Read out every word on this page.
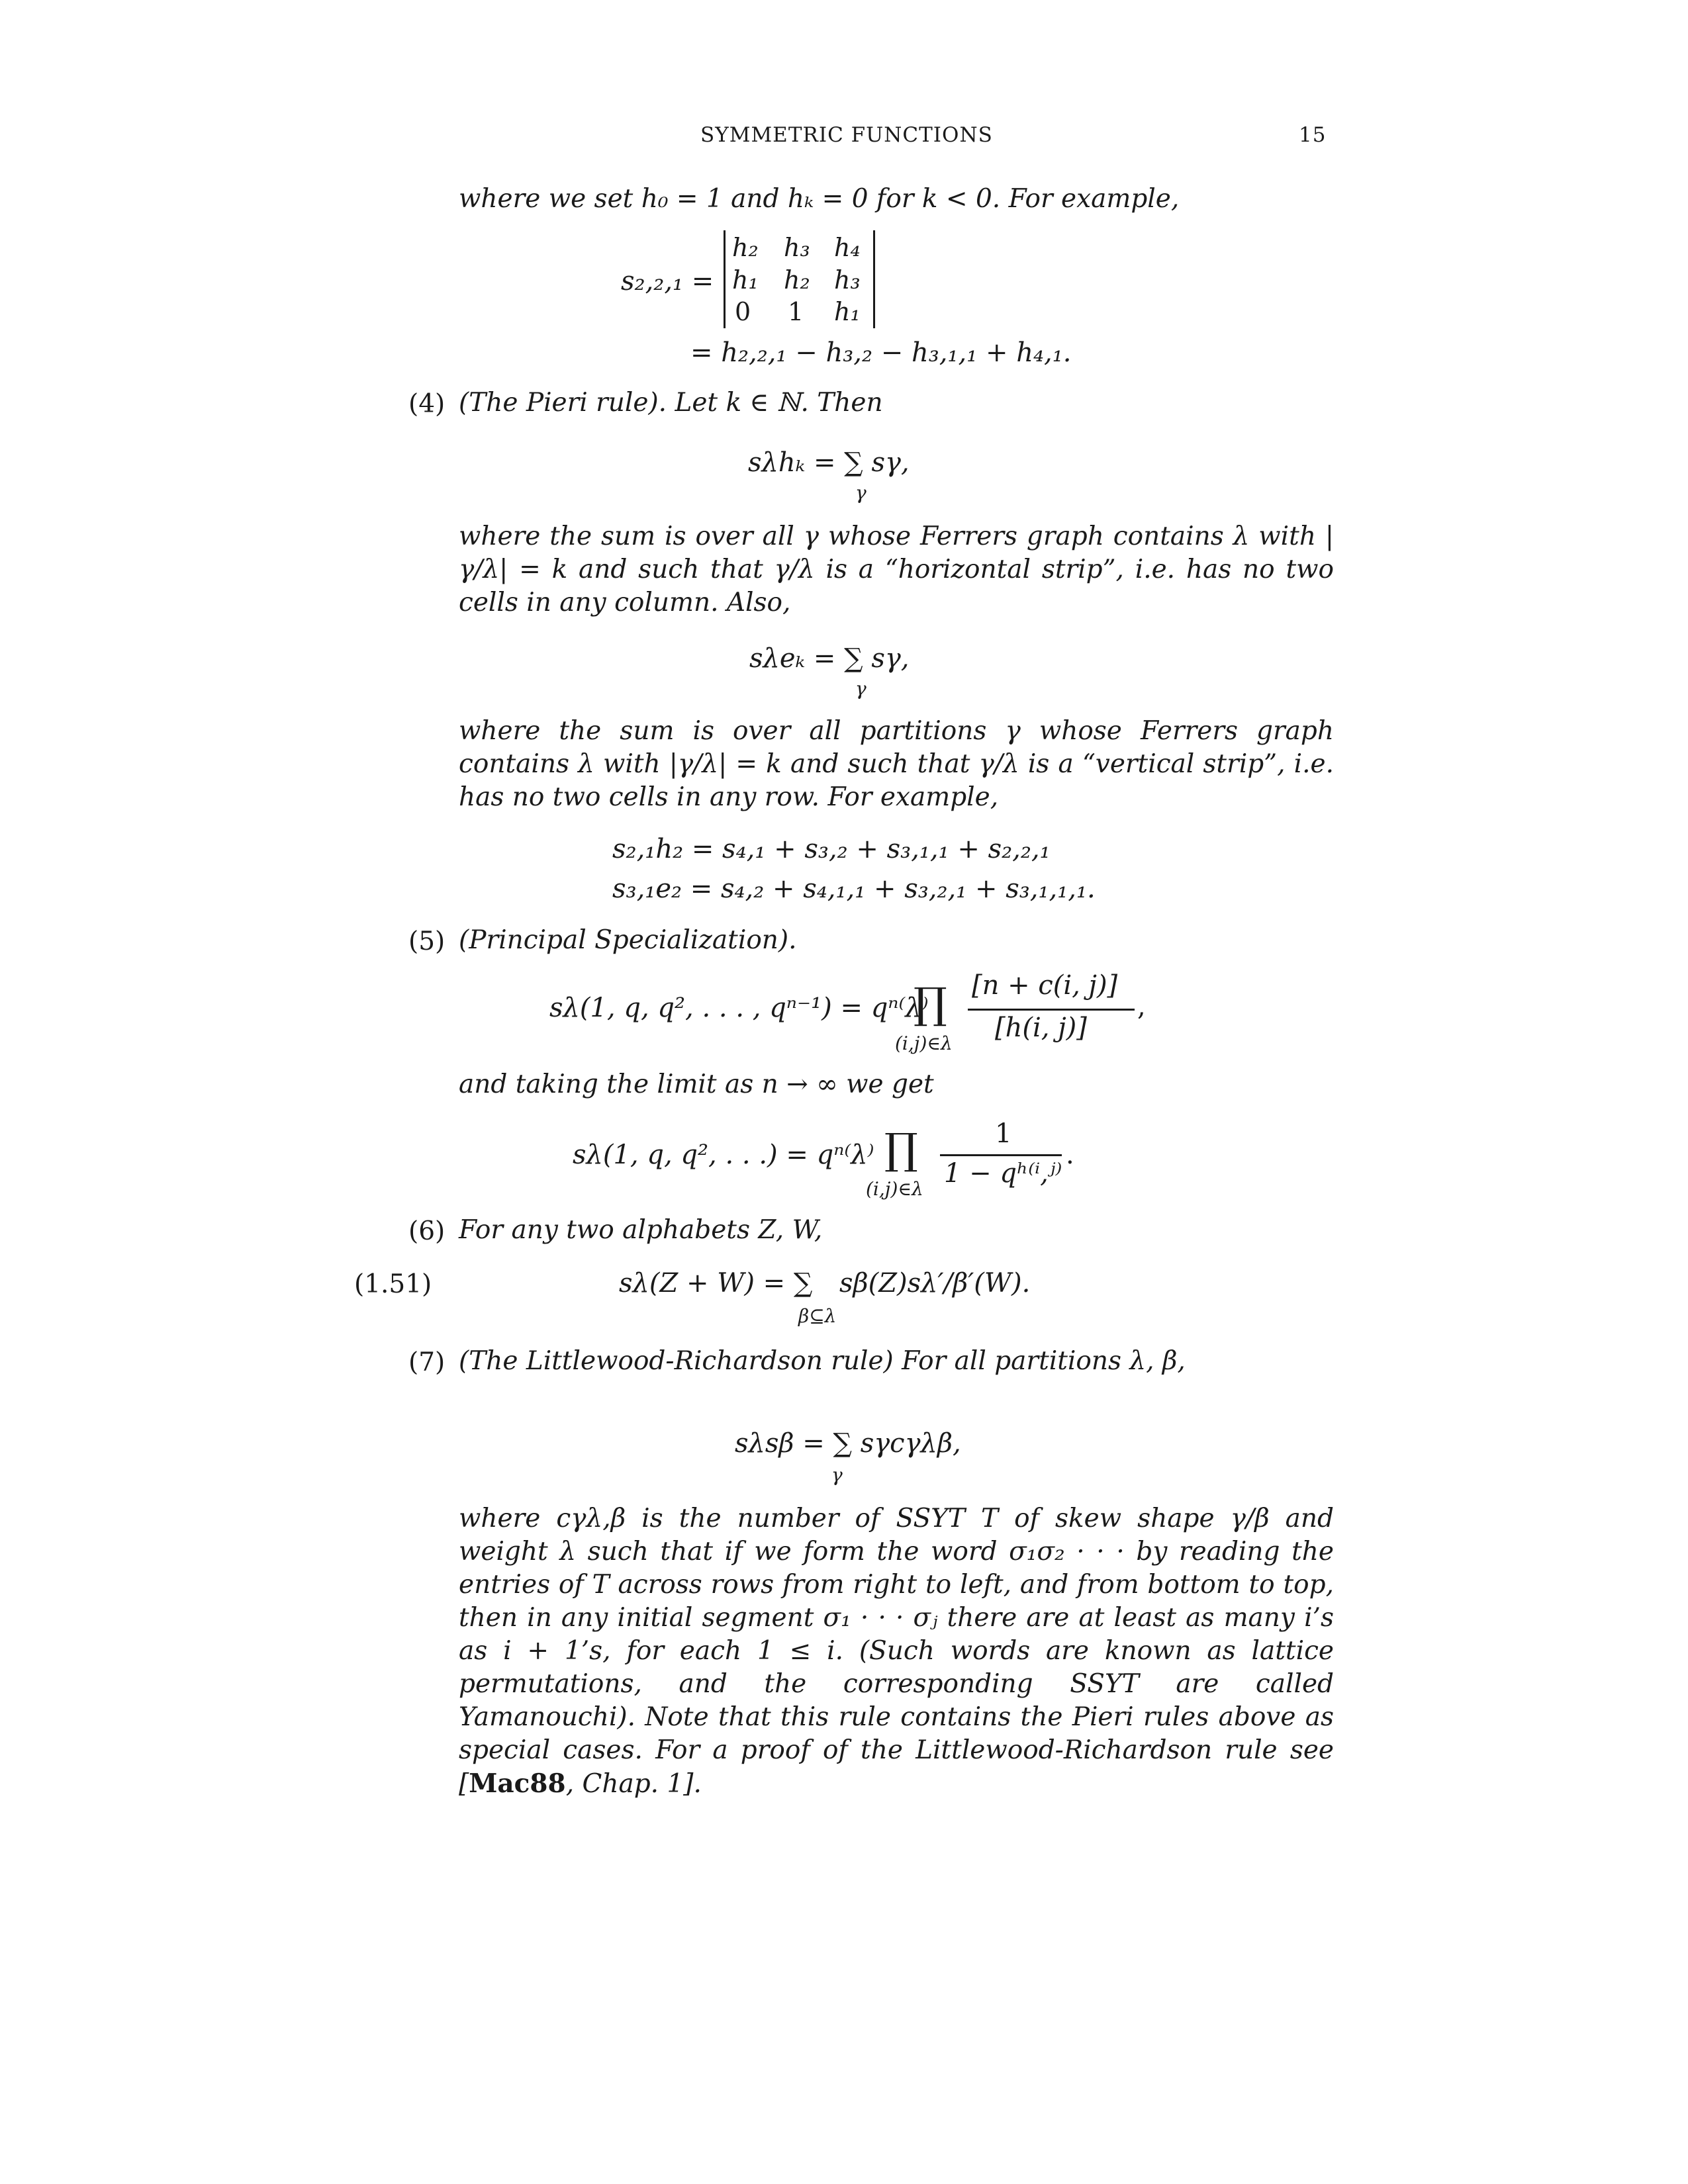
SYMMETRIC FUNCTIONS	15
where we set h₀ = 1 and hₖ = 0 for k < 0. For example,
s₂,₂,₁ =
h₂ h₃ h₄
h₁ h₂ h₃
0 1 h₁
= h₂,₂,₁ − h₃,₂ − h₃,₁,₁ + h₄,₁.
(4) (The Pieri rule). Let k ∈ ℕ. Then
sλhₖ = ∑ sγ,
γ
where the sum is over all γ whose Ferrers graph contains λ with |γ/λ| = k and such that γ/λ is a “horizontal strip”, i.e. has no two cells in any column. Also,
sλeₖ = ∑ sγ,
γ
where the sum is over all partitions γ whose Ferrers graph contains λ with |γ/λ| = k and such that γ/λ is a “vertical strip”, i.e. has no two cells in any row. For example,
s₂,₁h₂ = s₄,₁ + s₃,₂ + s₃,₁,₁ + s₂,₂,₁
s₃,₁e₂ = s₄,₂ + s₄,₁,₁ + s₃,₂,₁ + s₃,₁,₁,₁.
(5) (Principal Specialization).
sλ(1, q, q², . . . , qⁿ⁻¹) = qⁿ⁽λ⁾
∏
(i,j)∈λ
[n + c(i, j)]
[h(i, j)]
,
and taking the limit as n → ∞ we get
sλ(1, q, q², . . .) = qⁿ⁽λ⁾ ∏
(i,j)∈λ
1
1 − qʰ⁽ⁱ,ʲ⁾
.
(6) For any two alphabets Z, W,
(1.51)	sλ(Z + W) = ∑
β⊆λ
sβ(Z)sλ′/β′(W).
(7) (The Littlewood-Richardson rule) For all partitions λ, β,
sλsβ = ∑ sγcγλβ,
γ
where cγλ,β is the number of SSYT T of skew shape γ/β and weight λ such that if we form the word σ₁σ₂ · · · by reading the entries of T across rows from right to left, and from bottom to top, then in any initial segment σ₁ · · · σⱼ there are at least as many i’s as i + 1’s, for each 1 ≤ i. (Such words are known as lattice permutations, and the corresponding SSYT are called Yamanouchi). Note that this rule contains the Pieri rules above as special cases. For a proof of the Littlewood-Richardson rule see [Mac88, Chap. 1].
